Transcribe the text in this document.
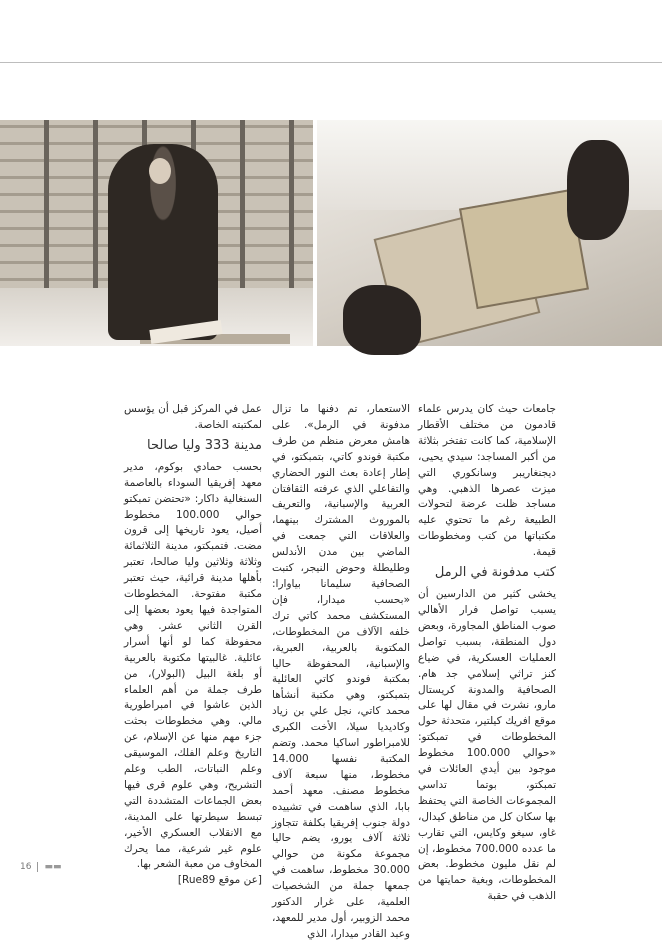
جامعات حيث كان يدرس علماء قادمون من مختلف الأقطار الإسلامية، كما كانت تفتخر بثلاثة من أكبر المساجد: سيدي يحيى، ديجنغاريبر وسانكوري التي ميزت عصرها الذهبي. وهي مساجد ظلت عرضة لتحولات الطبيعة رغم ما تحتوي عليه مكتباتها من كتب ومخطوطات قيمة.

كتب مدفونة في الرمل

يخشى كثير من الدارسين أن يسبب تواصل فرار الأهالي صوب المناطق المجاورة، وبعض دول المنطقة، بسبب تواصل العمليات العسكرية، في ضياع كنز تراثي إسلامي جد هام. الصحافية والمدونة كريستال مارو، نشرت في مقال لها على موقع افريك كيلتير، متحدثة حول المخطوطات في تمبكتو: «حوالي 100.000 مخطوط موجود بين أيدي العائلات في تمبكتو، بوتما تداسي المجموعات الخاصة التي يحتفظ بها سكان كل من مناطق كيدال، غاو، سيغو وكايس، التي تقارب ما عدده 700.000 مخطوط، إن لم نقل مليون مخطوط. بعض المخطوطات، وبغية حمايتها من الذهب في حقبة

الاستعمار، تم دفنها ما تزال مدفونة في الرمل». على هامش معرض منظم من طرف مكتبة فوندو كاتي، بتمبكتو، في إطار إعادة بعث النور الحضاري والتفاعلي الذي عرفته الثقافتان العربية والإسبانية، والتعريف بالموروث المشترك بينهما، والعلاقات التي جمعت في الماضي بين مدن الأندلس وطليطلة وحوض النيجر، كتبت الصحافية سليمانا بياوارا: «بحسب ميدارا، فإن المستكشف محمد كاتي ترك خلفه الآلاف من المخطوطات، المكتوبة بالعربية، العبرية، والإسبانية، المحفوظة حاليا بمكتبة فوندو كاتي العائلية بتمبكتو، وهي مكتبة أنشأها محمد كاتي، نجل علي بن زياد وكاديديا سيلا، الأخت الكبرى للامبراطور اساكيا محمد. وتضم المكتبة نفسها 14.000 مخطوط، منها سبعة آلاف مخطوط مصنف. معهد أحمد بابا، الذي ساهمت في تشييده دولة جنوب إفريقيا بكلفة تتجاوز ثلاثة آلاف يورو، يضم حاليا مجموعة مكونة من حوالي 30.000 مخطوط، ساهمت في جمعها جملة من الشخصيات العلمية، على غرار الدكتور محمد الزوبير، أول مدير للمعهد، وعبد القادر ميدارا، الذي

عمل في المركز قبل أن يؤسس لمكتبته الخاصة.

مدينة 333 وليا صالحا

بحسب حمادي بوكوم، مدير معهد إفريقيا السوداء بالعاصمة السنغالية داكار: «تحتضن تمبكتو حوالي 100.000 مخطوط أصيل، يعود تاريخها إلى قرون مضت. فتمبكتو، مدينة الثلاثمائة وثلاثة وثلاثين وليا صالحا، تعتبر بأهلها مدينة قرائية، حيث تعتبر مكتبة مفتوحة. المخطوطات المتواجدة فيها يعود بعضها إلى القرن الثاني عشر. وهي محفوظة كما لو أنها أسرار عائلية. غالبيتها مكتوبة بالعربية أو بلغة البيل (البولار)، من طرف جملة من أهم العلماء الذين عاشوا في امبراطورية مالي. وهي مخطوطات بحثت جزء مهم منها عن الإسلام، عن التاريخ وعلم الفلك، الموسيقى وعلم النباتات، الطب وعلم التشريح، وهي علوم قرى فيها بعض الجماعات المتشددة التي تبسط سيطرتها على المدينة، مع الانقلاب العسكري الأخير، علوم غير شرعية، مما يحرك المخاوف من معبة الشعر بها.

[عن موقع Rue89]

16 ▬▬
